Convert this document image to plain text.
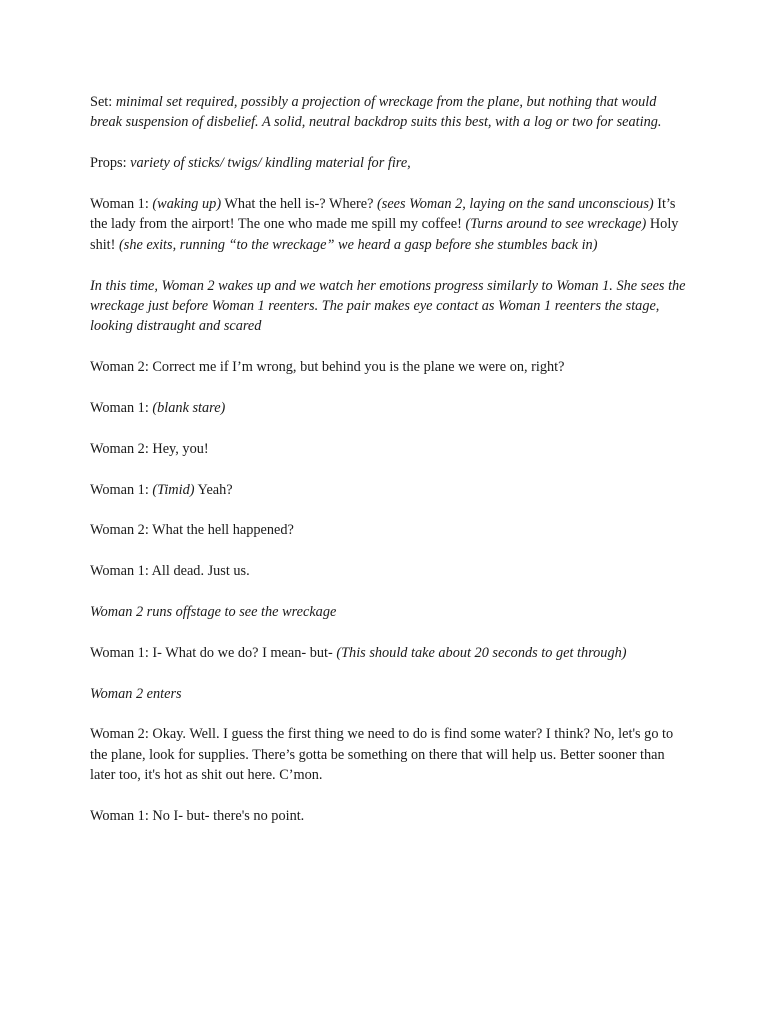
Set: minimal set required, possibly a projection of wreckage from the plane, but nothing that would break suspension of disbelief. A solid, neutral backdrop suits this best, with a log or two for seating.

Props: variety of sticks/ twigs/ kindling material for fire,

Woman 1: (waking up) What the hell is-? Where? (sees Woman 2, laying on the sand unconscious) It’s the lady from the airport! The one who made me spill my coffee! (Turns around to see wreckage) Holy shit! (she exits, running “to the wreckage” we heard a gasp before she stumbles back in)

In this time, Woman 2 wakes up and we watch her emotions progress similarly to Woman 1. She sees the wreckage just before Woman 1 reenters. The pair makes eye contact as Woman 1 reenters the stage, looking distraught and scared

Woman 2: Correct me if I’m wrong, but behind you is the plane we were on, right?

Woman 1: (blank stare)

Woman 2: Hey, you!

Woman 1: (Timid) Yeah?

Woman 2: What the hell happened?

Woman 1: All dead. Just us.

Woman 2 runs offstage to see the wreckage

Woman 1: I- What do we do? I mean- but- (This should take about 20 seconds to get through)

Woman 2 enters

Woman 2: Okay. Well. I guess the first thing we need to do is find some water? I think? No, let's go to the plane, look for supplies. There’s gotta be something on there that will help us. Better sooner than later too, it's hot as shit out here. C’mon.

Woman 1: No I- but- there's no point.
